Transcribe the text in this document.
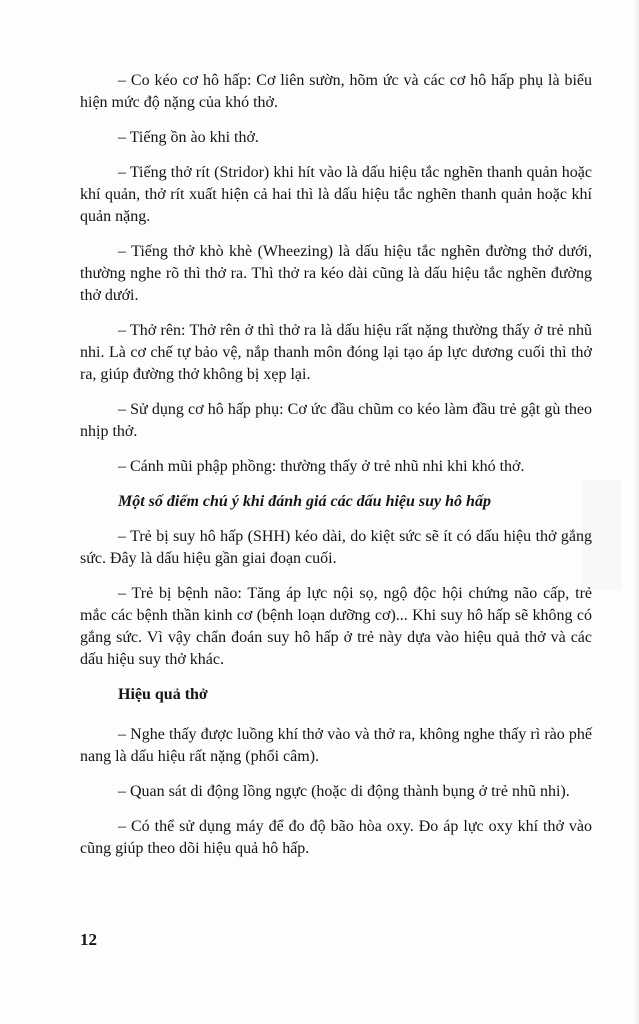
– Co kéo cơ hô hấp: Cơ liên sườn, hõm ức và các cơ hô hấp phụ là biểu hiện mức độ nặng của khó thở.

– Tiếng ồn ào khi thở.

– Tiếng thở rít (Stridor) khi hít vào là dấu hiệu tắc nghẽn thanh quản hoặc khí quản, thở rít xuất hiện cả hai thì là dấu hiệu tắc nghẽn thanh quản hoặc khí quản nặng.

– Tiếng thở khò khè (Wheezing) là dấu hiệu tắc nghẽn đường thở dưới, thường nghe rõ thì thở ra. Thì thở ra kéo dài cũng là dấu hiệu tắc nghẽn đường thở dưới.

– Thở rên: Thở rên ở thì thở ra là dấu hiệu rất nặng thường thấy ở trẻ nhũ nhi. Là cơ chế tự bảo vệ, nắp thanh môn đóng lại tạo áp lực dương cuối thì thở ra, giúp đường thở không bị xẹp lại.

– Sử dụng cơ hô hấp phụ: Cơ ức đầu chũm co kéo làm đầu trẻ gật gù theo nhịp thở.

– Cánh mũi phập phồng: thường thấy ở trẻ nhũ nhi khi khó thở.

Một số điểm chú ý khi đánh giá các dấu hiệu suy hô hấp

– Trẻ bị suy hô hấp (SHH) kéo dài, do kiệt sức sẽ ít có dấu hiệu thở gắng sức. Đây là dấu hiệu gần giai đoạn cuối.

– Trẻ bị bệnh não: Tăng áp lực nội sọ, ngộ độc hội chứng não cấp, trẻ mắc các bệnh thần kinh cơ (bệnh loạn dưỡng cơ)... Khi suy hô hấp sẽ không có gắng sức. Vì vậy chẩn đoán suy hô hấp ở trẻ này dựa vào hiệu quả thở và các dấu hiệu suy thở khác.

Hiệu quả thở

– Nghe thấy được luồng khí thở vào và thở ra, không nghe thấy rì rào phế nang là dấu hiệu rất nặng (phổi câm).

– Quan sát di động lồng ngực (hoặc di động thành bụng ở trẻ nhũ nhi).

– Có thể sử dụng máy để đo độ bão hòa oxy. Đo áp lực oxy khí thở vào cũng giúp theo dõi hiệu quả hô hấp.

12
